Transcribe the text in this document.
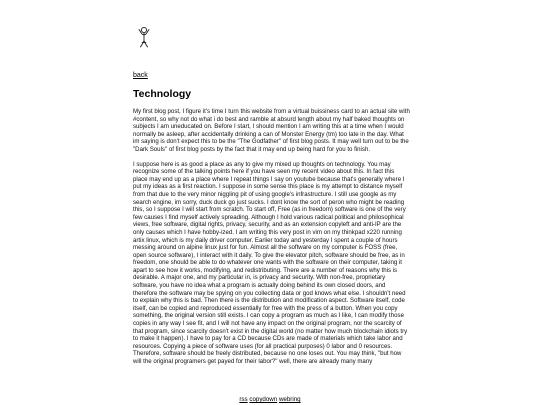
back
Technology

My first blog post, I figure it's time I turn this website from a virtual buissiness card to an actual site with #content, so why not do what i do best and ramble at absurd length about my half baked thoughts on subjects I am uneducated on. Before I start, I should mention I am writing this at a time when I would normally be asleep, after accidentally drinking a can of Monster Energy (tm) too late in the day. What im saying is don't expect this to be the "The Godfather" of first blog posts. It may well turn out to be the "Dark Souls" of first blog posts by the fact that it may end up being hard for you to finish.

I suppose here is as good a place as any to give my mixed up thoughts on technology. You may recognize some of the talking points here if you have seen my recent video about this. In fact this place may end up as a place where I repeat things I say on youtube because that's generally where I put my ideas as a first reaction. I suppose in some sense this place is my attempt to distance myself from that due to the very minor niggling pit of using google's infrastructure. I still use google as my search engine, im sorry, duck duck go just sucks. I dont know the sort of peron who might be reading this, so I suppose I will start from scratch. To start off, Free (as in freedom) software is one of the very few causes I find myself actively spreading. Although I hold various radical political and philosophical views, free software, digital rights, privacy, security, and as an extension copyleft and anti-IP are the only causes which I have hobby-ized. I am writing this very post in vim on my thinkpad x220 running artix linux, which is my daily driver computer. Earlier today and yesterday I spent a couple of hours messing around on alpine linux just for fun. Almost all the software on my computer is FOSS (free, open source software), I interact with it daily. To give the elevator pitch, software should be free, as in freedom, one should be able to do whatever one wants with the software on their computer, taking it apart to see how it works, modifying, and redistributing. There are a number of reasons why this is desirable. A major one, and my particular in, is privacy and security. With non-free, proprietary software, you have no idea what a program is actually doing behind its own closed doors, and therefore the software may be spying on you collecting data or god knows what else. I shouldn't need to explain why this is bad. Then there is the distribution and modification aspect. Software itself, code itself, can be copied and reproduced essentially for free with the press of a button. When you copy something, the original version still exists. I can copy a program as much as I like, I can modify those copies in any way I see fit, and I will not have any impact on the original program, nor the scarcity of that program, since scarcity doesn't exist in the digital world (no matter how much blockchain idiots try to make it happen). I have to pay for a CD because CDs are made of materials which take labor and resources. Copying a piece of software uses (for all practical purposes) 0 labor and 0 resources. Therefore, software should be freely distributed, because no one loses out. You may think, "but how will the original programers get payed for their labor?" well, there are already many many

rss copydown webring
